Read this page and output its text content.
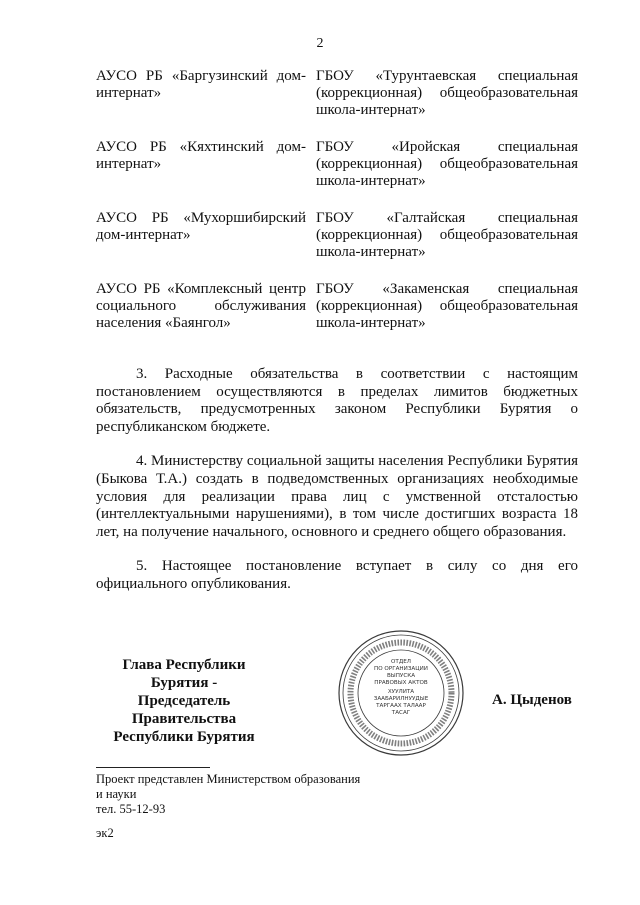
2
АУСО РБ «Баргузинский дом-интернат»
ГБОУ «Турунтаевская специальная (коррекционная) общеобразовательная школа-интернат»
АУСО РБ «Кяхтинский дом-интернат»
ГБОУ «Иройская специальная (коррекционная) общеобразовательная школа-интернат»
АУСО РБ «Мухоршибирский дом-интернат»
ГБОУ «Галтайская специальная (коррекционная) общеобразовательная школа-интернат»
АУСО РБ «Комплексный центр социального обслуживания населения «Баянгол»
ГБОУ «Закаменская специальная (коррекционная) общеобразовательная школа-интернат»

3. Расходные обязательства в соответствии с настоящим постановлением осуществляются в пределах лимитов бюджетных обязательств, предусмотренных законом Республики Бурятия о республиканском бюджете.

4. Министерству социальной защиты населения Республики Бурятия (Быкова Т.А.) создать в подведомственных организациях необходимые условия для реализации права лиц с умственной отсталостью (интеллектуальными нарушениями), в том числе достигших возраста 18 лет, на получение начального, основного и среднего общего образования.

5. Настоящее постановление вступает в силу со дня его официального опубликования.

Глава Республики Бурятия -
Председатель Правительства
Республики Бурятия
ОТДЕЛ
ПО ОРГАНИЗАЦИИ
ВЫПУСКА
ПРАВОВЫХ АКТОВ
ХУУЛИТА
ЗААБАРИЛНУУДЫЕ
ТАРГААХ ТАЛААР
ТАСАГ
А. Цыденов
Проект представлен Министерством образования
и науки
тел. 55-12-93
эк2
